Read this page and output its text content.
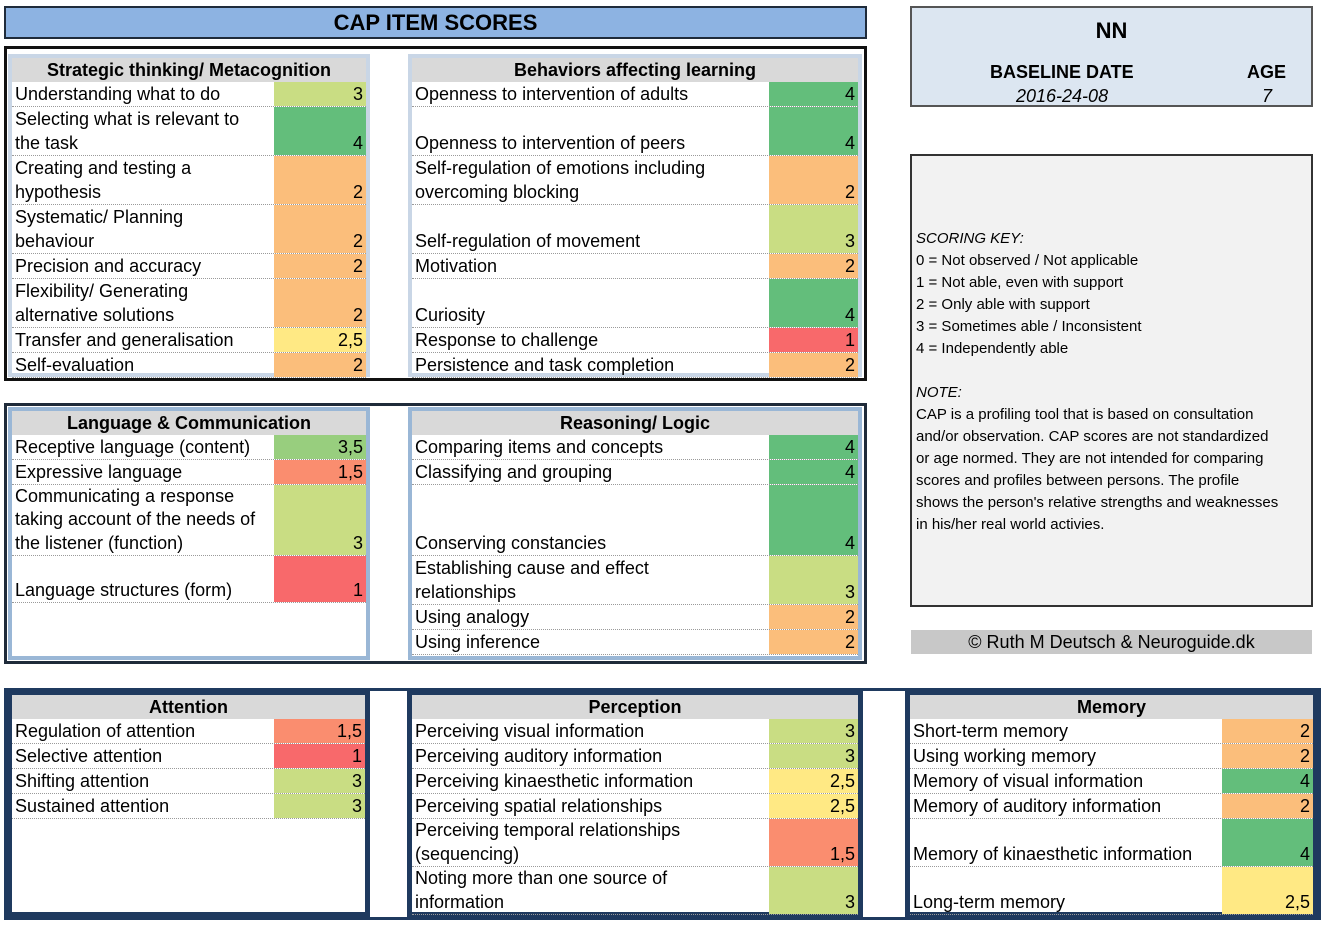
CAP ITEM SCORES
Strategic thinking/ Metacognition
Understanding what to do	3
Selecting what is relevant to
the task	4
Creating and testing a
hypothesis	2
Systematic/ Planning
behaviour	2
Precision and accuracy	2
Flexibility/ Generating
alternative solutions	2
Transfer and generalisation	2,5
Self-evaluation	2
Behaviors affecting learning
Openness to intervention of adults	4
Openness to intervention of peers	4
Self-regulation of emotions including
overcoming blocking	2
Self-regulation of movement	3
Motivation	2
Curiosity	4
Response to challenge	1
Persistence and task completion	2
Language & Communication
Receptive language (content)	3,5
Expressive language	1,5
Communicating a response
taking account of the needs of
the listener (function)	3
Language structures (form)	1
Reasoning/ Logic
Comparing items and concepts	4
Classifying and grouping	4
Conserving constancies	4
Establishing cause and effect
relationships	3
Using analogy	2
Using inference	2
Attention
Regulation of attention	1,5
Selective attention	1
Shifting attention	3
Sustained attention	3
Perception
Perceiving visual information	3
Perceiving auditory information	3
Perceiving kinaesthetic information	2,5
Perceiving spatial relationships	2,5
Perceiving temporal relationships
(sequencing)	1,5
Noting more than one source of
information	3
Memory
Short-term memory	2
Using working memory	2
Memory of visual information	4
Memory of auditory information	2
Memory of kinaesthetic information	4
Long-term memory	2,5
NN
BASELINE DATE	AGE
2016-24-08	7
SCORING KEY:
0 = Not observed / Not applicable
1 = Not able, even with support
2 = Only able with support
3 = Sometimes able / Inconsistent
4 = Independently able
NOTE:
CAP is a profiling tool that is based on consultation
and/or observation. CAP scores are not standardized
or age normed. They are not intended for comparing
scores and profiles between persons. The profile
shows the person's relative strengths and weaknesses
in his/her real world activies.
© Ruth M Deutsch & Neuroguide.dk
